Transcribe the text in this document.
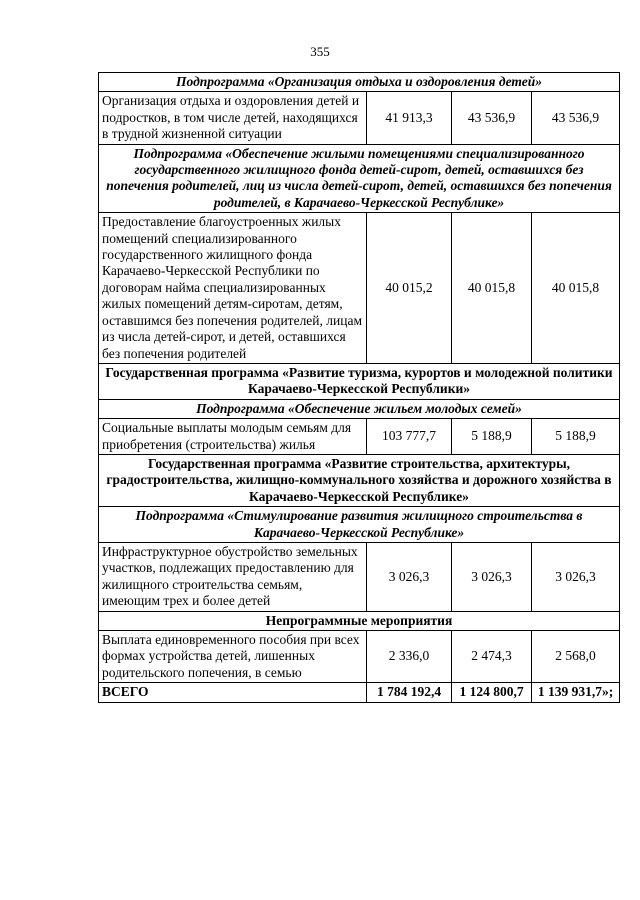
355
Подпрограмма «Организация отдыха и оздоровления детей»			
Организация отдыха и оздоровления детей и подростков, в том числе детей, находящихся в трудной жизненной ситуации	41 913,3	43 536,9	43 536,9
Подпрограмма «Обеспечение жилыми помещениями специализированного государственного жилищного фонда детей-сирот, детей, оставшихся без попечения родителей, лиц из числа детей-сирот, детей, оставшихся без попечения родителей, в Карачаево-Черкесской Республике»			
Предоставление благоустроенных жилых помещений специализированного государственного жилищного фонда Карачаево-Черкесской Республики по договорам найма специализированных жилых помещений детям-сиротам, детям, оставшимся без попечения родителей, лицам из числа детей-сирот, и детей, оставшихся без попечения родителей	40 015,2	40 015,8	40 015,8
Государственная программа «Развитие туризма, курортов и молодежной политики Карачаево-Черкесской Республики»			
Подпрограмма «Обеспечение жильем молодых семей»			
Социальные выплаты молодым семьям для приобретения (строительства) жилья	103 777,7	5 188,9	5 188,9
Государственная программа «Развитие строительства, архитектуры, градостроительства, жилищно-коммунального хозяйства и дорожного хозяйства в Карачаево-Черкесской Республике»			
Подпрограмма «Стимулирование развития жилищного строительства в Карачаево-Черкесской Республике»			
Инфраструктурное обустройство земельных участков, подлежащих предоставлению для жилищного строительства семьям, имеющим трех и более детей	3 026,3	3 026,3	3 026,3
Непрограммные мероприятия			
Выплата единовременного пособия при всех формах устройства детей, лишенных родительского попечения, в семью	2 336,0	2 474,3	2 568,0
ВСЕГО	1 784 192,4	1 124 800,7	1 139 931,7»;
